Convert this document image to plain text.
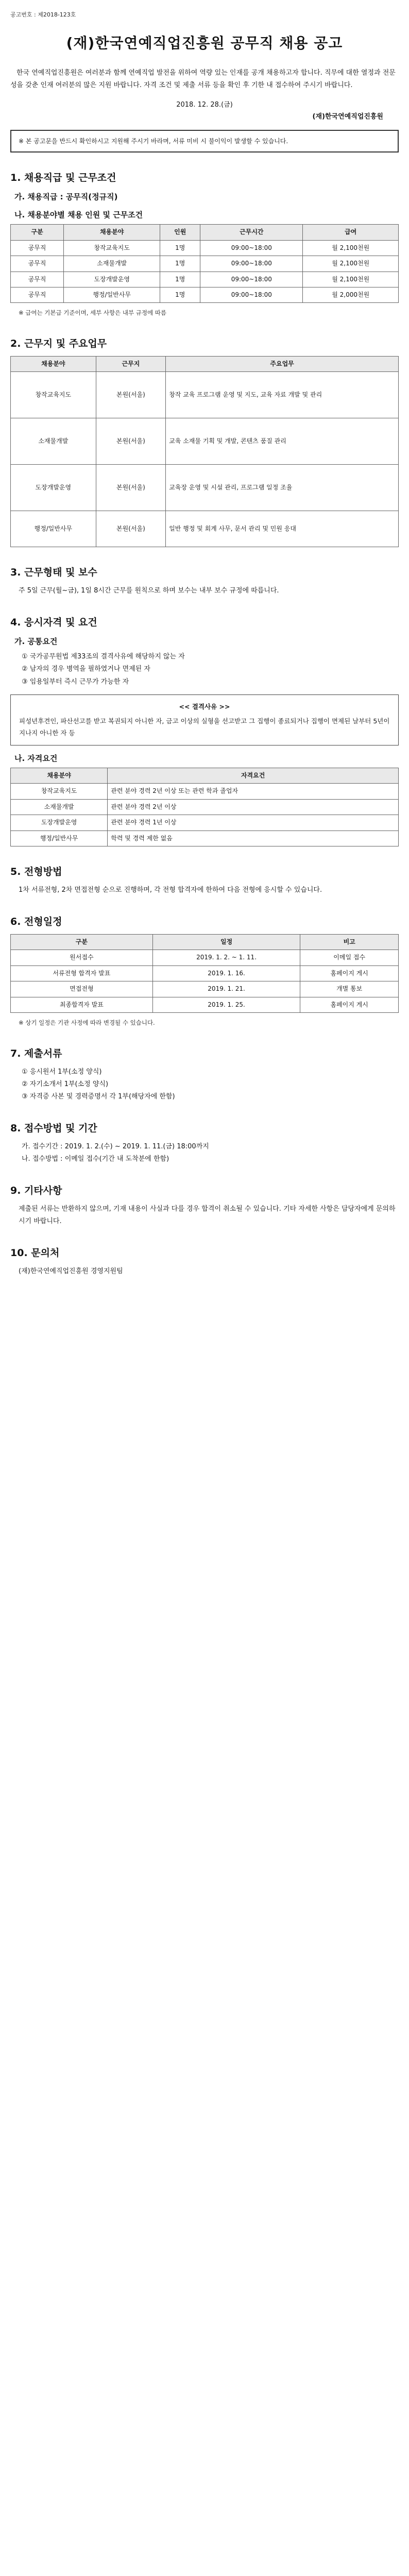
공고번호 : 제2018-123호
(재)한국연예직업진흥원 공무직 채용 공고

한국 연예직업진흥원은 여러분과 함께 연예직업 발전을 위하여 역량 있는 인재를 공개 채용하고자 합니다. 직무에 대한 열정과 전문성을 갖춘 인재 여러분의 많은 지원 바랍니다. 자격 조건 및 제출 서류 등을 확인 후 기한 내 접수하여 주시기 바랍니다.

2018. 12. 28.(금)
(재)한국연예직업진흥원
※ 본 공고문을 반드시 확인하시고 지원해 주시기 바라며, 서류 미비 시 불이익이 발생할 수 있습니다.
1. 채용직급 및 근무조건
가. 채용직급 : 공무직(정규직)
나. 채용분야별 채용 인원 및 근무조건
구분	채용분야	인원	근무시간	급여
공무직	창작교육지도	1명	09:00~18:00	월 2,100천원
공무직	소재물개발	1명	09:00~18:00	월 2,100천원
공무직	도장개발운영	1명	09:00~18:00	월 2,100천원
공무직	행정/일반사무	1명	09:00~18:00	월 2,000천원
※ 급여는 기본급 기준이며, 세부 사항은 내부 규정에 따름
2. 근무지 및 주요업무
채용분야	근무지	주요업무
창작교육지도	본원(서울)	창작 교육 프로그램 운영 및 지도, 교육 자료 개발 및 관리
소재물개발	본원(서울)	교육 소재물 기획 및 개발, 콘텐츠 품질 관리
도장개발운영	본원(서울)	교육장 운영 및 시설 관리, 프로그램 일정 조율
행정/일반사무	본원(서울)	일반 행정 및 회계 사무, 문서 관리 및 민원 응대
3. 근무형태 및 보수

주 5일 근무(월~금), 1일 8시간 근무를 원칙으로 하며 보수는 내부 보수 규정에 따릅니다.

4. 응시자격 및 요건
가. 공통요건
① 국가공무원법 제33조의 결격사유에 해당하지 않는 자
② 남자의 경우 병역을 필하였거나 면제된 자
③ 임용일부터 즉시 근무가 가능한 자
<< 결격사유 >>
피성년후견인, 파산선고를 받고 복권되지 아니한 자, 금고 이상의 실형을 선고받고 그 집행이 종료되거나 집행이 면제된 날부터 5년이 지나지 아니한 자 등
나. 자격요건
채용분야	자격요건
창작교육지도	관련 분야 경력 2년 이상 또는 관련 학과 졸업자
소재물개발	관련 분야 경력 2년 이상
도장개발운영	관련 분야 경력 1년 이상
행정/일반사무	학력 및 경력 제한 없음
5. 전형방법

1차 서류전형, 2차 면접전형 순으로 진행하며, 각 전형 합격자에 한하여 다음 전형에 응시할 수 있습니다.

6. 전형일정
구분	일정	비고
원서접수	2019. 1. 2. ~ 1. 11.	이메일 접수
서류전형 합격자 발표	2019. 1. 16.	홈페이지 게시
면접전형	2019. 1. 21.	개별 통보
최종합격자 발표	2019. 1. 25.	홈페이지 게시
※ 상기 일정은 기관 사정에 따라 변경될 수 있습니다.
7. 제출서류
① 응시원서 1부(소정 양식)
② 자기소개서 1부(소정 양식)
③ 자격증 사본 및 경력증명서 각 1부(해당자에 한함)
8. 접수방법 및 기간
가. 접수기간 : 2019. 1. 2.(수) ~ 2019. 1. 11.(금) 18:00까지
나. 접수방법 : 이메일 접수(기간 내 도착분에 한함)
9. 기타사항

제출된 서류는 반환하지 않으며, 기재 내용이 사실과 다를 경우 합격이 취소될 수 있습니다. 기타 자세한 사항은 담당자에게 문의하시기 바랍니다.

10. 문의처

(재)한국연예직업진흥원 경영지원팀
